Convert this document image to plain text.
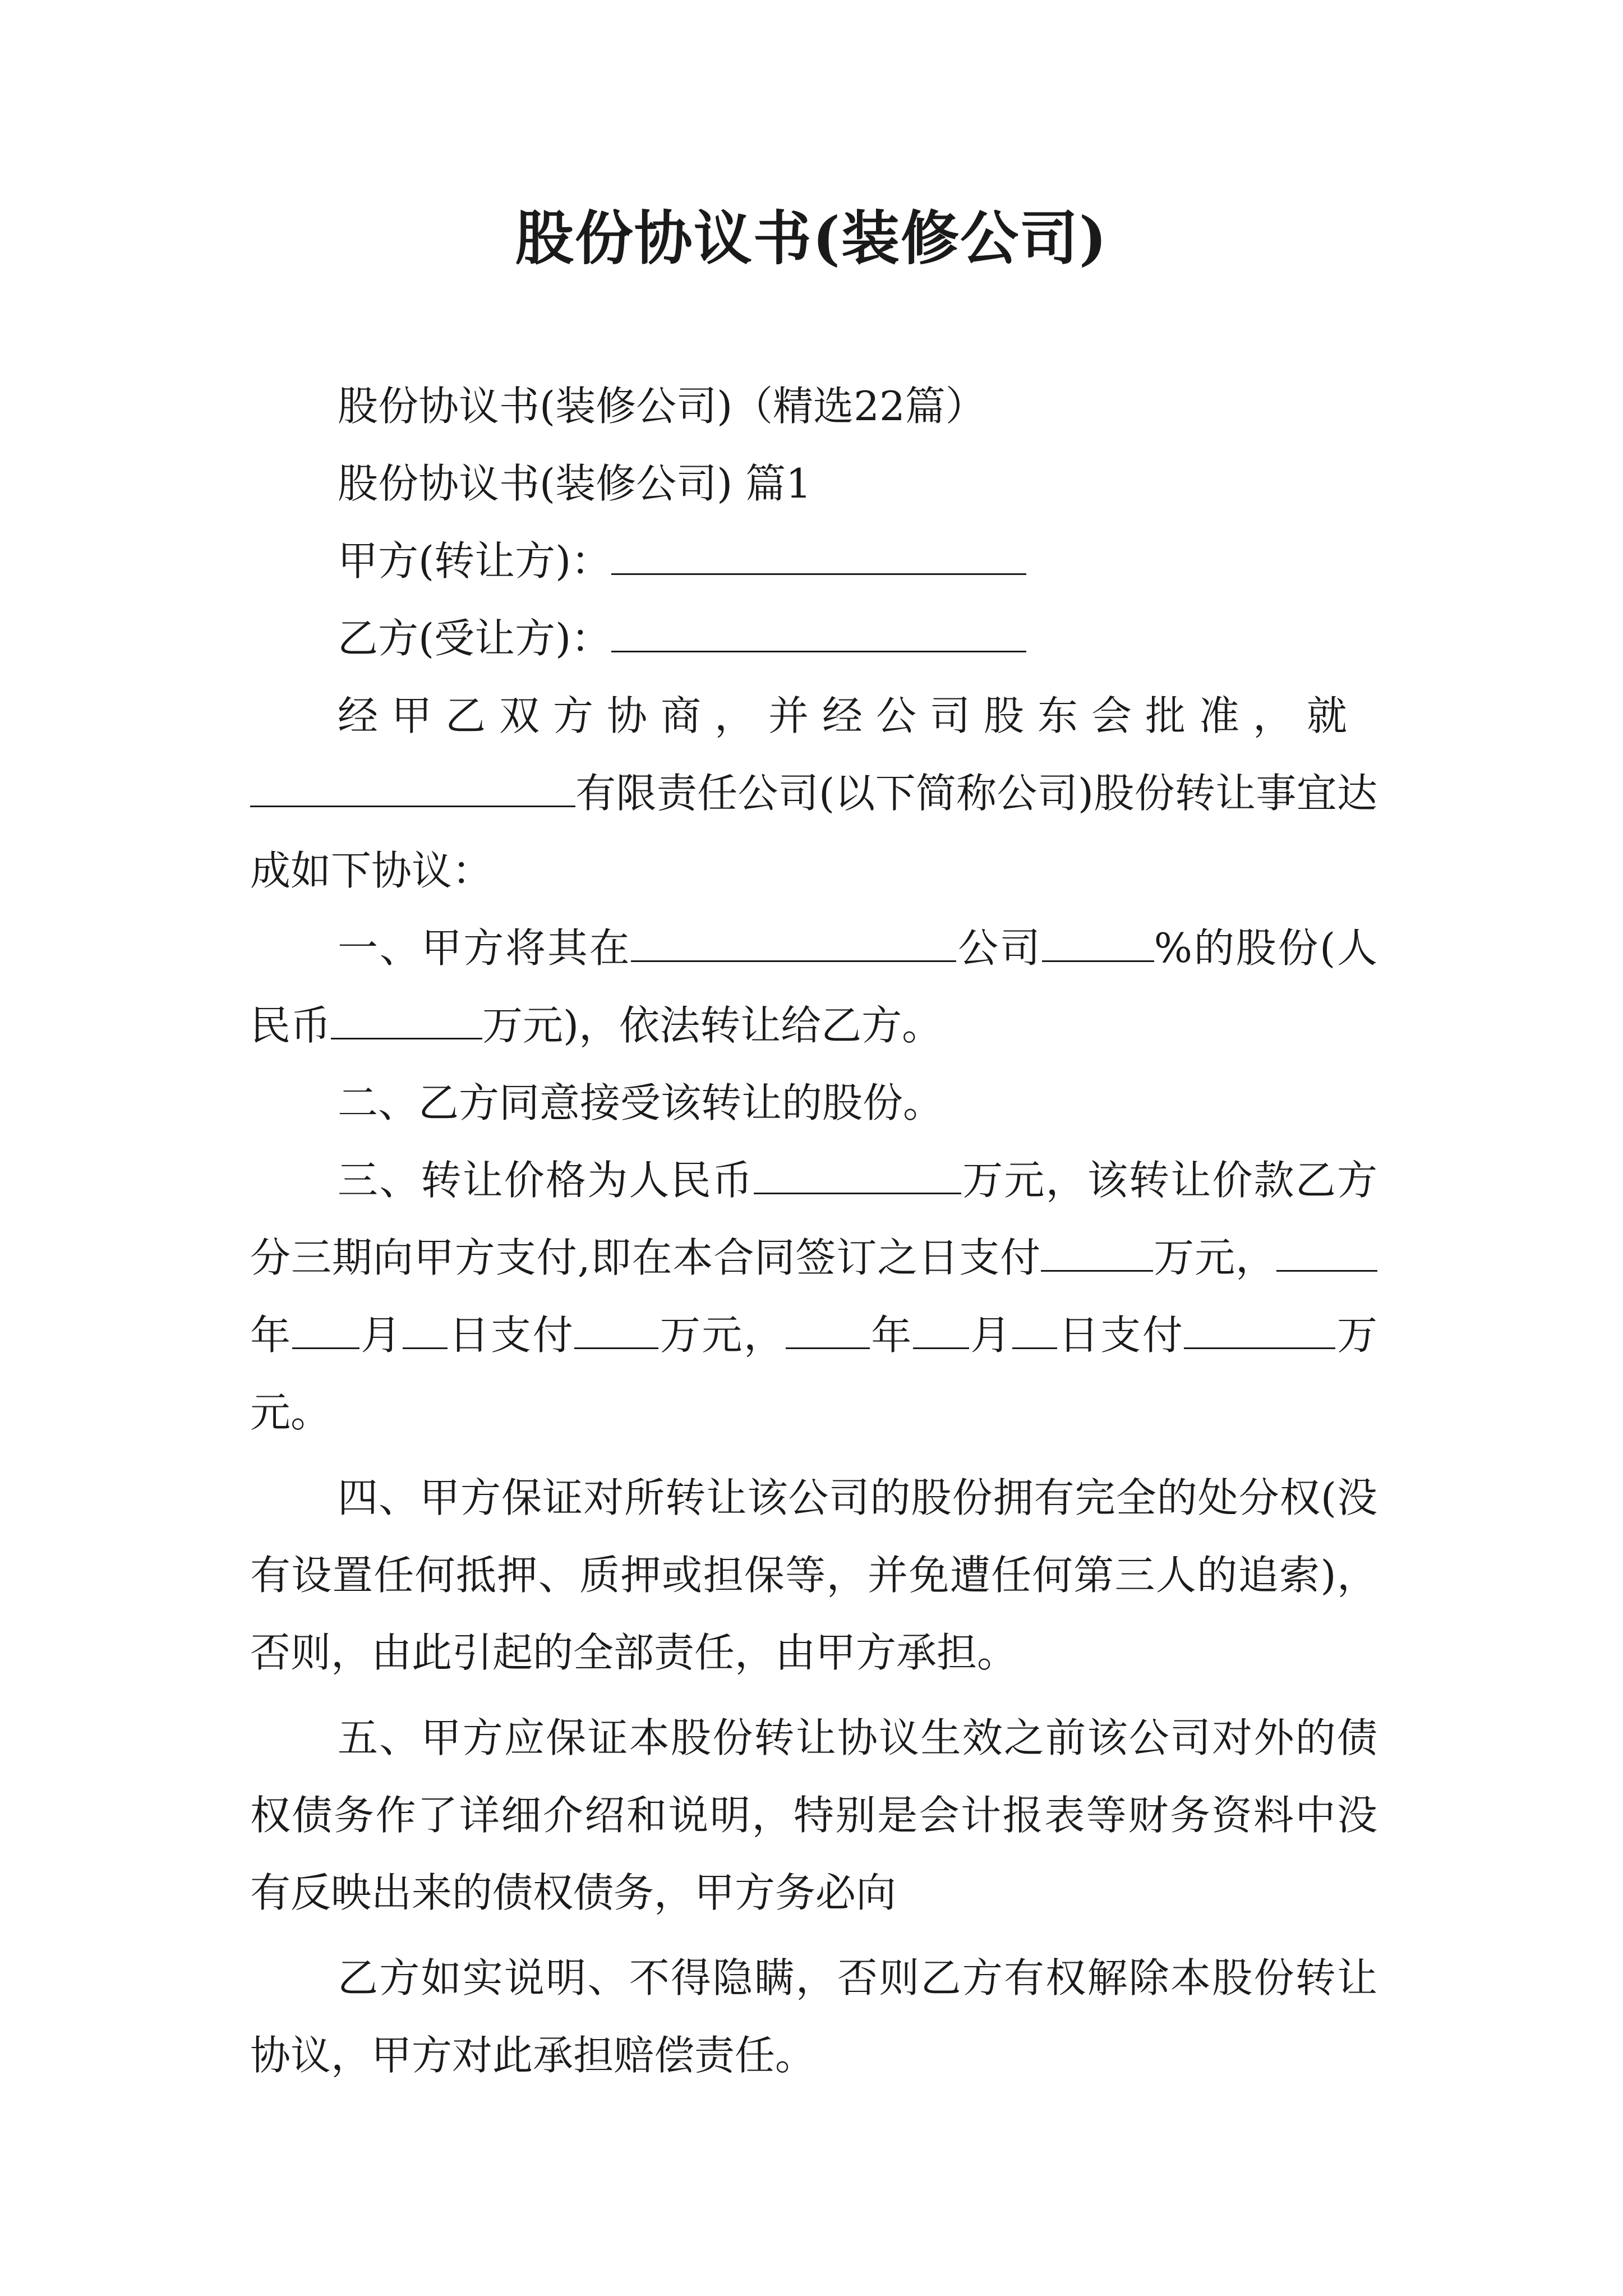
股份协议书(装修公司)

股份协议书(装修公司)（精选22篇）

股份协议书(装修公司) 篇1

甲方(转让方)：

乙方(受让方)：

经甲乙双方协商，并经公司股东会批准，就

有限责任公司(以下简称公司)股份转让事宜达成如下协议：

一、甲方将其在	公司	%的股份(人民币	万元)，依法转让给乙方。

二、乙方同意接受该转让的股份。

三、转让价格为人民币	万元，该转让价款乙方分三期向甲方支付,即在本合同签订之日支付	万元，年 月 日支付 万元， 年 月 日支付	万元。

四、甲方保证对所转让该公司的股份拥有完全的处分权(没有设置任何抵押、质押或担保等，并免遭任何第三人的追索)，否则，由此引起的全部责任，由甲方承担。

五、甲方应保证本股份转让协议生效之前该公司对外的债权债务作了详细介绍和说明，特别是会计报表等财务资料中没有反映出来的债权债务，甲方务必向

乙方如实说明、不得隐瞒，否则乙方有权解除本股份转让协议，甲方对此承担赔偿责任。
